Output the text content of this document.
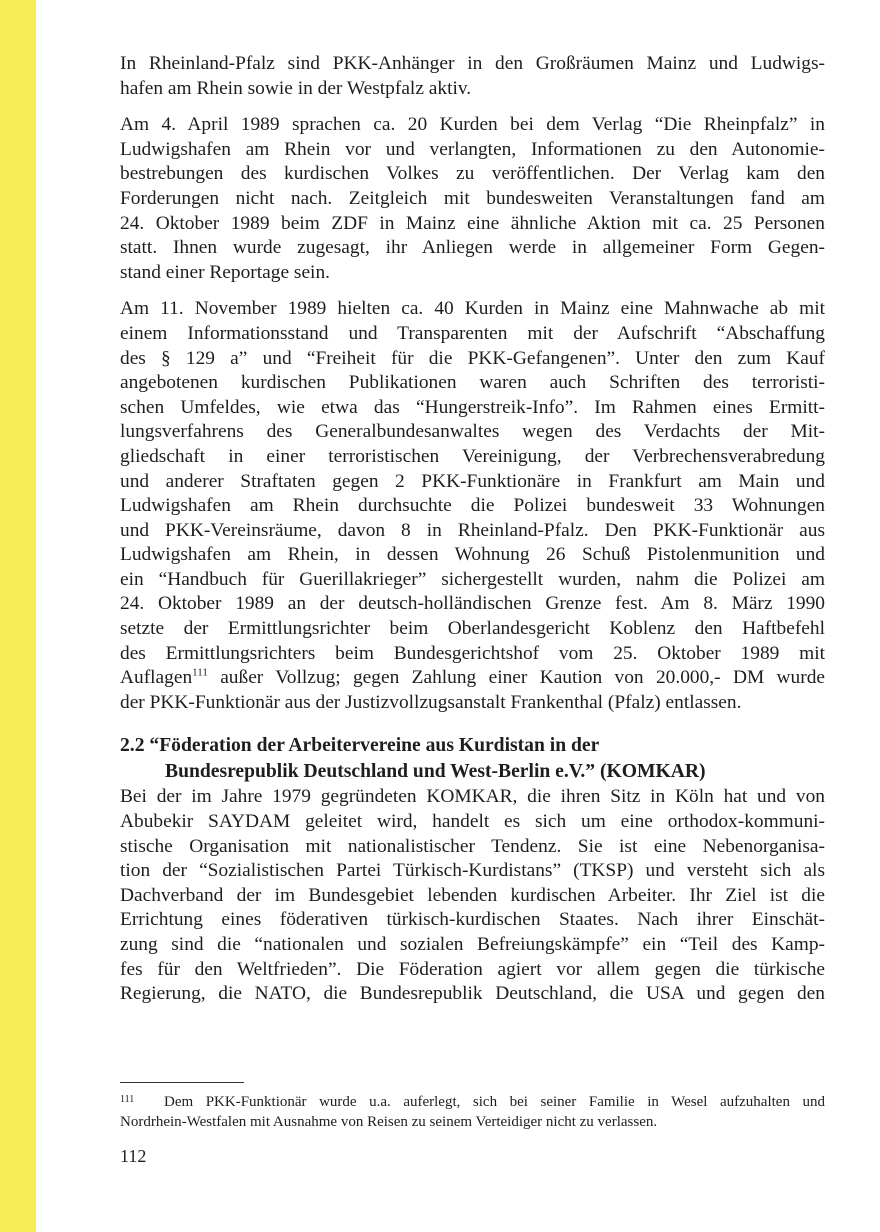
In Rheinland-Pfalz sind PKK-Anhänger in den Großräumen Mainz und Ludwigs-
hafen am Rhein sowie in der Westpfalz aktiv.

Am 4. April 1989 sprachen ca. 20 Kurden bei dem Verlag “Die Rheinpfalz” in
Ludwigshafen am Rhein vor und verlangten, Informationen zu den Autonomie-
bestrebungen des kurdischen Volkes zu veröffentlichen. Der Verlag kam den
Forderungen nicht nach. Zeitgleich mit bundesweiten Veranstaltungen fand am
24. Oktober 1989 beim ZDF in Mainz eine ähnliche Aktion mit ca. 25 Personen
statt. Ihnen wurde zugesagt, ihr Anliegen werde in allgemeiner Form Gegen-
stand einer Reportage sein.

Am 11. November 1989 hielten ca. 40 Kurden in Mainz eine Mahnwache ab mit
einem Informationsstand und Transparenten mit der Aufschrift “Abschaffung
des § 129 a” und “Freiheit für die PKK-Gefangenen”. Unter den zum Kauf
angebotenen kurdischen Publikationen waren auch Schriften des terroristi-
schen Umfeldes, wie etwa das “Hungerstreik-Info”. Im Rahmen eines Ermitt-
lungsverfahrens des Generalbundesanwaltes wegen des Verdachts der Mit-
gliedschaft in einer terroristischen Vereinigung, der Verbrechensverabredung
und anderer Straftaten gegen 2 PKK-Funktionäre in Frankfurt am Main und
Ludwigshafen am Rhein durchsuchte die Polizei bundesweit 33 Wohnungen
und PKK-Vereinsräume, davon 8 in Rheinland-Pfalz. Den PKK-Funktionär aus
Ludwigshafen am Rhein, in dessen Wohnung 26 Schuß Pistolenmunition und
ein “Handbuch für Guerillakrieger” sichergestellt wurden, nahm die Polizei am
24. Oktober 1989 an der deutsch-holländischen Grenze fest. Am 8. März 1990
setzte der Ermittlungsrichter beim Oberlandesgericht Koblenz den Haftbefehl
des Ermittlungsrichters beim Bundesgerichtshof vom 25. Oktober 1989 mit
Auflagen$^{111}$ außer Vollzug; gegen Zahlung einer Kaution von 20.000,- DM wurde
der PKK-Funktionär aus der Justizvollzugsanstalt Frankenthal (Pfalz) entlassen.

2.2 “Föderation der Arbeitervereine aus Kurdistan in der
Bundesrepublik Deutschland und West-Berlin e.V.” (KOMKAR)

Bei der im Jahre 1979 gegründeten KOMKAR, die ihren Sitz in Köln hat und von
Abubekir SAYDAM geleitet wird, handelt es sich um eine orthodox-kommuni-
stische Organisation mit nationalistischer Tendenz. Sie ist eine Nebenorganisa-
tion der “Sozialistischen Partei Türkisch-Kurdistans” (TKSP) und versteht sich als
Dachverband der im Bundesgebiet lebenden kurdischen Arbeiter. Ihr Ziel ist die
Errichtung eines föderativen türkisch-kurdischen Staates. Nach ihrer Einschät-
zung sind die “nationalen und sozialen Befreiungskämpfe” ein “Teil des Kamp-
fes für den Weltfrieden”. Die Föderation agiert vor allem gegen die türkische
Regierung, die NATO, die Bundesrepublik Deutschland, die USA und gegen den

111	Dem PKK-Funktionär wurde u.a. auferlegt, sich bei seiner Familie in Wesel aufzuhalten und
Nordrhein-Westfalen mit Ausnahme von Reisen zu seinem Verteidiger nicht zu verlassen.
112
